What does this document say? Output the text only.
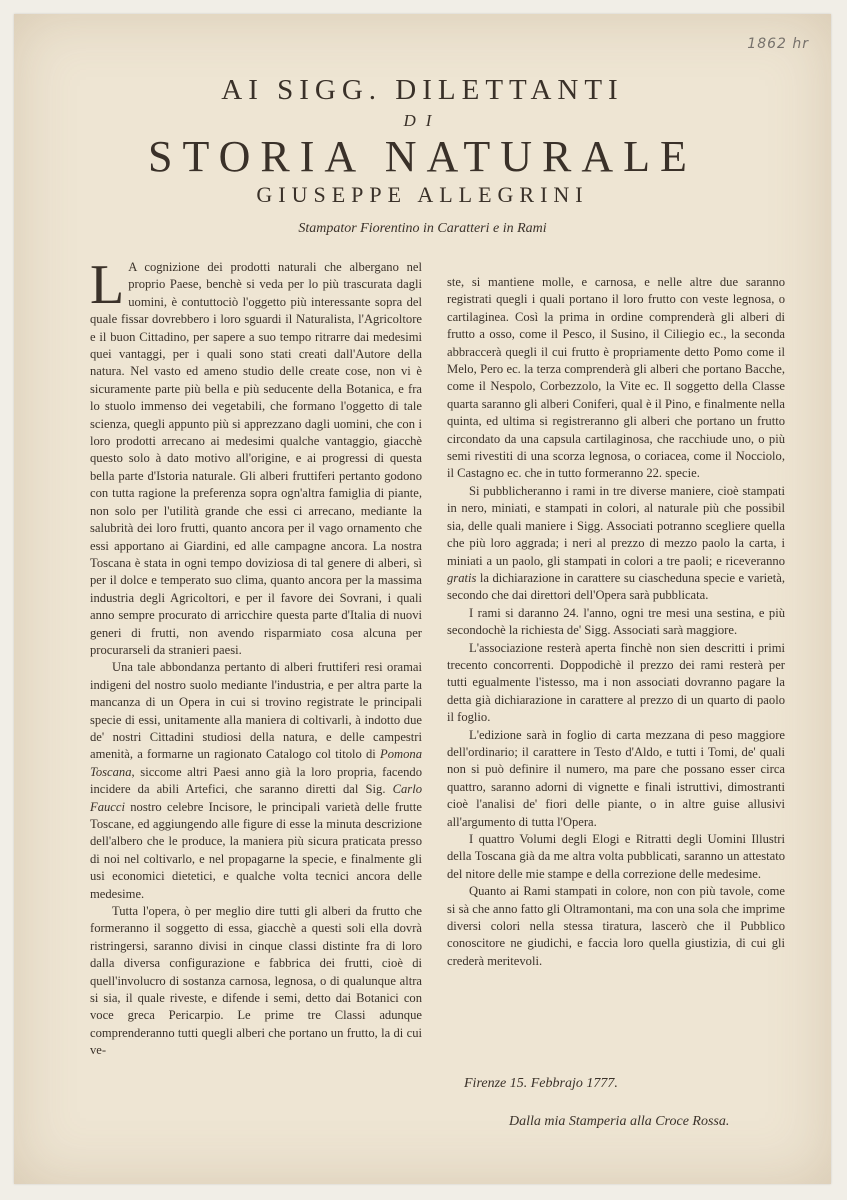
1862 hr
AI SIGG. DILETTANTI
DI
STORIA NATURALE
GIUSEPPE ALLEGRINI
Stampator Fiorentino in Caratteri e in Rami

L A cognizione dei prodotti naturali che albergano nel proprio Paese, benchè si veda per lo più trascurata dagli uomini, è contuttociò l'oggetto più interessante sopra del quale fissar dovrebbero i loro sguardi il Naturalista, l'Agricoltore e il buon Cittadino, per sapere a suo tempo ritrarre dai medesimi quei vantaggi, per i quali sono stati creati dall'Autore della natura. Nel vasto ed ameno studio delle create cose, non vi è sicuramente parte più bella e più seducente della Botanica, e fra lo stuolo immenso dei vegetabili, che formano l'oggetto di tale scienza, quegli appunto più si apprezzano dagli uomini, che con i loro prodotti arrecano ai medesimi qualche vantaggio, giacchè questo solo à dato motivo all'origine, e ai progressi di questa bella parte d'Istoria naturale. Gli alberi fruttiferi pertanto godono con tutta ragione la preferenza sopra ogn'altra famiglia di piante, non solo per l'utilità grande che essi ci arrecano, mediante la salubrità dei loro frutti, quanto ancora per il vago ornamento che essi apportano ai Giardini, ed alle campagne ancora. La nostra Toscana è stata in ogni tempo doviziosa di tal genere di alberi, sì per il dolce e temperato suo clima, quanto ancora per la massima industria degli Agricoltori, e per il favore dei Sovrani, i quali anno sempre procurato di arricchire questa parte d'Italia di nuovi generi di frutti, non avendo risparmiato cosa alcuna per procurarseli da stranieri paesi.

Una tale abbondanza pertanto di alberi fruttiferi resi oramai indigeni del nostro suolo mediante l'industria, e per altra parte la mancanza di un Opera in cui si trovino registrate le principali specie di essi, unitamente alla maniera di coltivarli, à indotto due de' nostri Cittadini studiosi della natura, e delle campestri amenità, a formarne un ragionato Catalogo col titolo di Pomona Toscana, siccome altri Paesi anno già la loro propria, facendo incidere da abili Artefici, che saranno diretti dal Sig. Carlo Faucci nostro celebre Incisore, le principali varietà delle frutte Toscane, ed aggiungendo alle figure di esse la minuta descrizione dell'albero che le produce, la maniera più sicura praticata presso di noi nel coltivarlo, e nel propagarne la specie, e finalmente gli usi economici dietetici, e qualche volta tecnici ancora delle medesime.

Tutta l'opera, ò per meglio dire tutti gli alberi da frutto che formeranno il soggetto di essa, giacchè a questi soli ella dovrà ristringersi, saranno divisi in cinque classi distinte fra di loro dalla diversa configurazione e fabbrica dei frutti, cioè di quell'involucro di sostanza carnosa, legnosa, o di qualunque altra si sia, il quale riveste, e difende i semi, detto dai Botanici con voce greca Pericarpio. Le prime tre Classi adunque comprenderanno tutti quegli alberi che portano un frutto, la di cui ve-

ste, si mantiene molle, e carnosa, e nelle altre due saranno registrati quegli i quali portano il loro frutto con veste legnosa, o cartilaginea. Così la prima in ordine comprenderà gli alberi di frutto a osso, come il Pesco, il Susino, il Ciliegio ec., la seconda abbraccerà quegli il cui frutto è propriamente detto Pomo come il Melo, Pero ec. la terza comprenderà gli alberi che portano Bacche, come il Nespolo, Corbezzolo, la Vite ec. Il soggetto della Classe quarta saranno gli alberi Coniferi, qual è il Pino, e finalmente nella quinta, ed ultima si registreranno gli alberi che portano un frutto circondato da una capsula cartilaginosa, che racchiude uno, o più semi rivestiti di una scorza legnosa, o coriacea, come il Nocciolo, il Castagno ec. che in tutto formeranno 22. specie.

Si pubblicheranno i rami in tre diverse maniere, cioè stampati in nero, miniati, e stampati in colori, al naturale più che possibil sia, delle quali maniere i Sigg. Associati potranno scegliere quella che più loro aggrada; i neri al prezzo di mezzo paolo la carta, i miniati a un paolo, gli stampati in colori a tre paoli; e riceveranno gratis la dichiarazione in carattere su ciascheduna specie e varietà, secondo che dai direttori dell'Opera sarà pubblicata.

I rami si daranno 24. l'anno, ogni tre mesi una sestina, e più secondochè la richiesta de' Sigg. Associati sarà maggiore.

L'associazione resterà aperta finchè non sien descritti i primi trecento concorrenti. Doppodichè il prezzo dei rami resterà per tutti egualmente l'istesso, ma i non associati dovranno pagare la detta già dichiarazione in carattere al prezzo di un quarto di paolo il foglio.

L'edizione sarà in foglio di carta mezzana di peso maggiore dell'ordinario; il carattere in Testo d'Aldo, e tutti i Tomi, de' quali non si può definire il numero, ma pare che possano esser circa quattro, saranno adorni di vignette e finali istruttivi, dimostranti cioè l'analisi de' fiori delle piante, o in altre guise allusivi all'argumento di tutta l'Opera.

I quattro Volumi degli Elogi e Ritratti degli Uomini Illustri della Toscana già da me altra volta pubblicati, saranno un attestato del nitore delle mie stampe e della correzione delle medesime.

Quanto ai Rami stampati in colore, non con più tavole, come si sà che anno fatto gli Oltramontani, ma con una sola che imprime diversi colori nella stessa tiratura, lascerò che il Pubblico conoscitore ne giudichi, e faccia loro quella giustizia, di cui gli crederà meritevoli.

Firenze 15. Febbrajo 1777.
Dalla mia Stamperia alla Croce Rossa.
